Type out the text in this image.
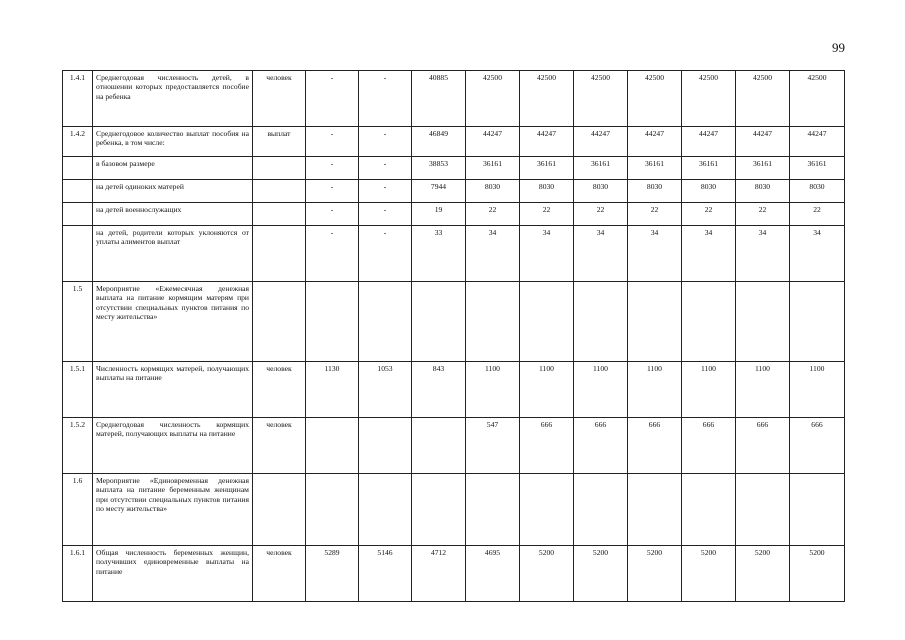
99
1.4.1	Среднегодовая численность детей, в отношении которых предоставляется пособие на ребенка	человек	-	-	40885	42500	42500	42500	42500	42500	42500	42500
1.4.2	Среднегодовое количество выплат пособия на ребенка, в том числе:	выплат	-	-	46849	44247	44247	44247	44247	44247	44247	44247
	в базовом размере		-	-	38853	36161	36161	36161	36161	36161	36161	36161
	на детей одиноких матерей		-	-	7944	8030	8030	8030	8030	8030	8030	8030
	на детей военнослужащих		-	-	19	22	22	22	22	22	22	22
	на детей, родители которых уклоняются от уплаты алиментов выплат		-	-	33	34	34	34	34	34	34	34
1.5	Мероприятие «Ежемесячная денежная выплата на питание кормящим матерям при отсутствии специальных пунктов питания по месту жительства»											
1.5.1	Численность кормящих матерей, получающих выплаты на питание	человек	1130	1053	843	1100	1100	1100	1100	1100	1100	1100
1.5.2	Среднегодовая численность кормящих матерей, получающих выплаты на питание	человек				547	666	666	666	666	666	666
1.6	Мероприятие «Единовременная денежная выплата на питание беременным женщинам при отсутствии специальных пунктов питания по месту жительства»											
1.6.1	Общая численность беременных женщин, получивших единовременные выплаты на питание	человек	5289	5146	4712	4695	5200	5200	5200	5200	5200	5200
